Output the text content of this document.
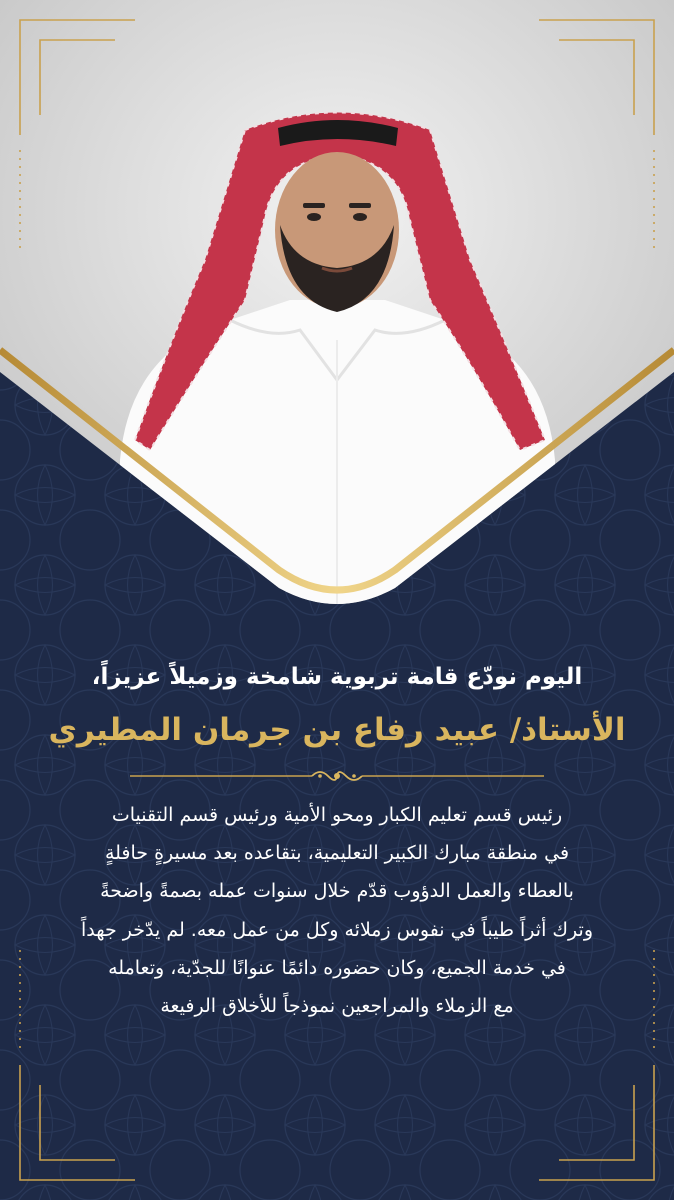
اليوم نودّع قامة تربوية شامخة وزميلاً عزيزاً،

الأستاذ/ عبيد رفاع بن جرمان المطيري

رئيس قسم تعليم الكبار ومحو الأمية ورئيس قسم التقنيات

في منطقة مبارك الكبير التعليمية، بتقاعده بعد مسيرةٍ حافلةٍ

بالعطاء والعمل الدؤوب قدّم خلال سنوات عمله بصمةً واضحةً

وترك أثراً طيباً في نفوس زملائه وكل من عمل معه. لم يدّخر جهداً

في خدمة الجميع، وكان حضوره دائمًا عنوانًا للجدّية، وتعامله

مع الزملاء والمراجعين نموذجاً للأخلاق الرفيعة
